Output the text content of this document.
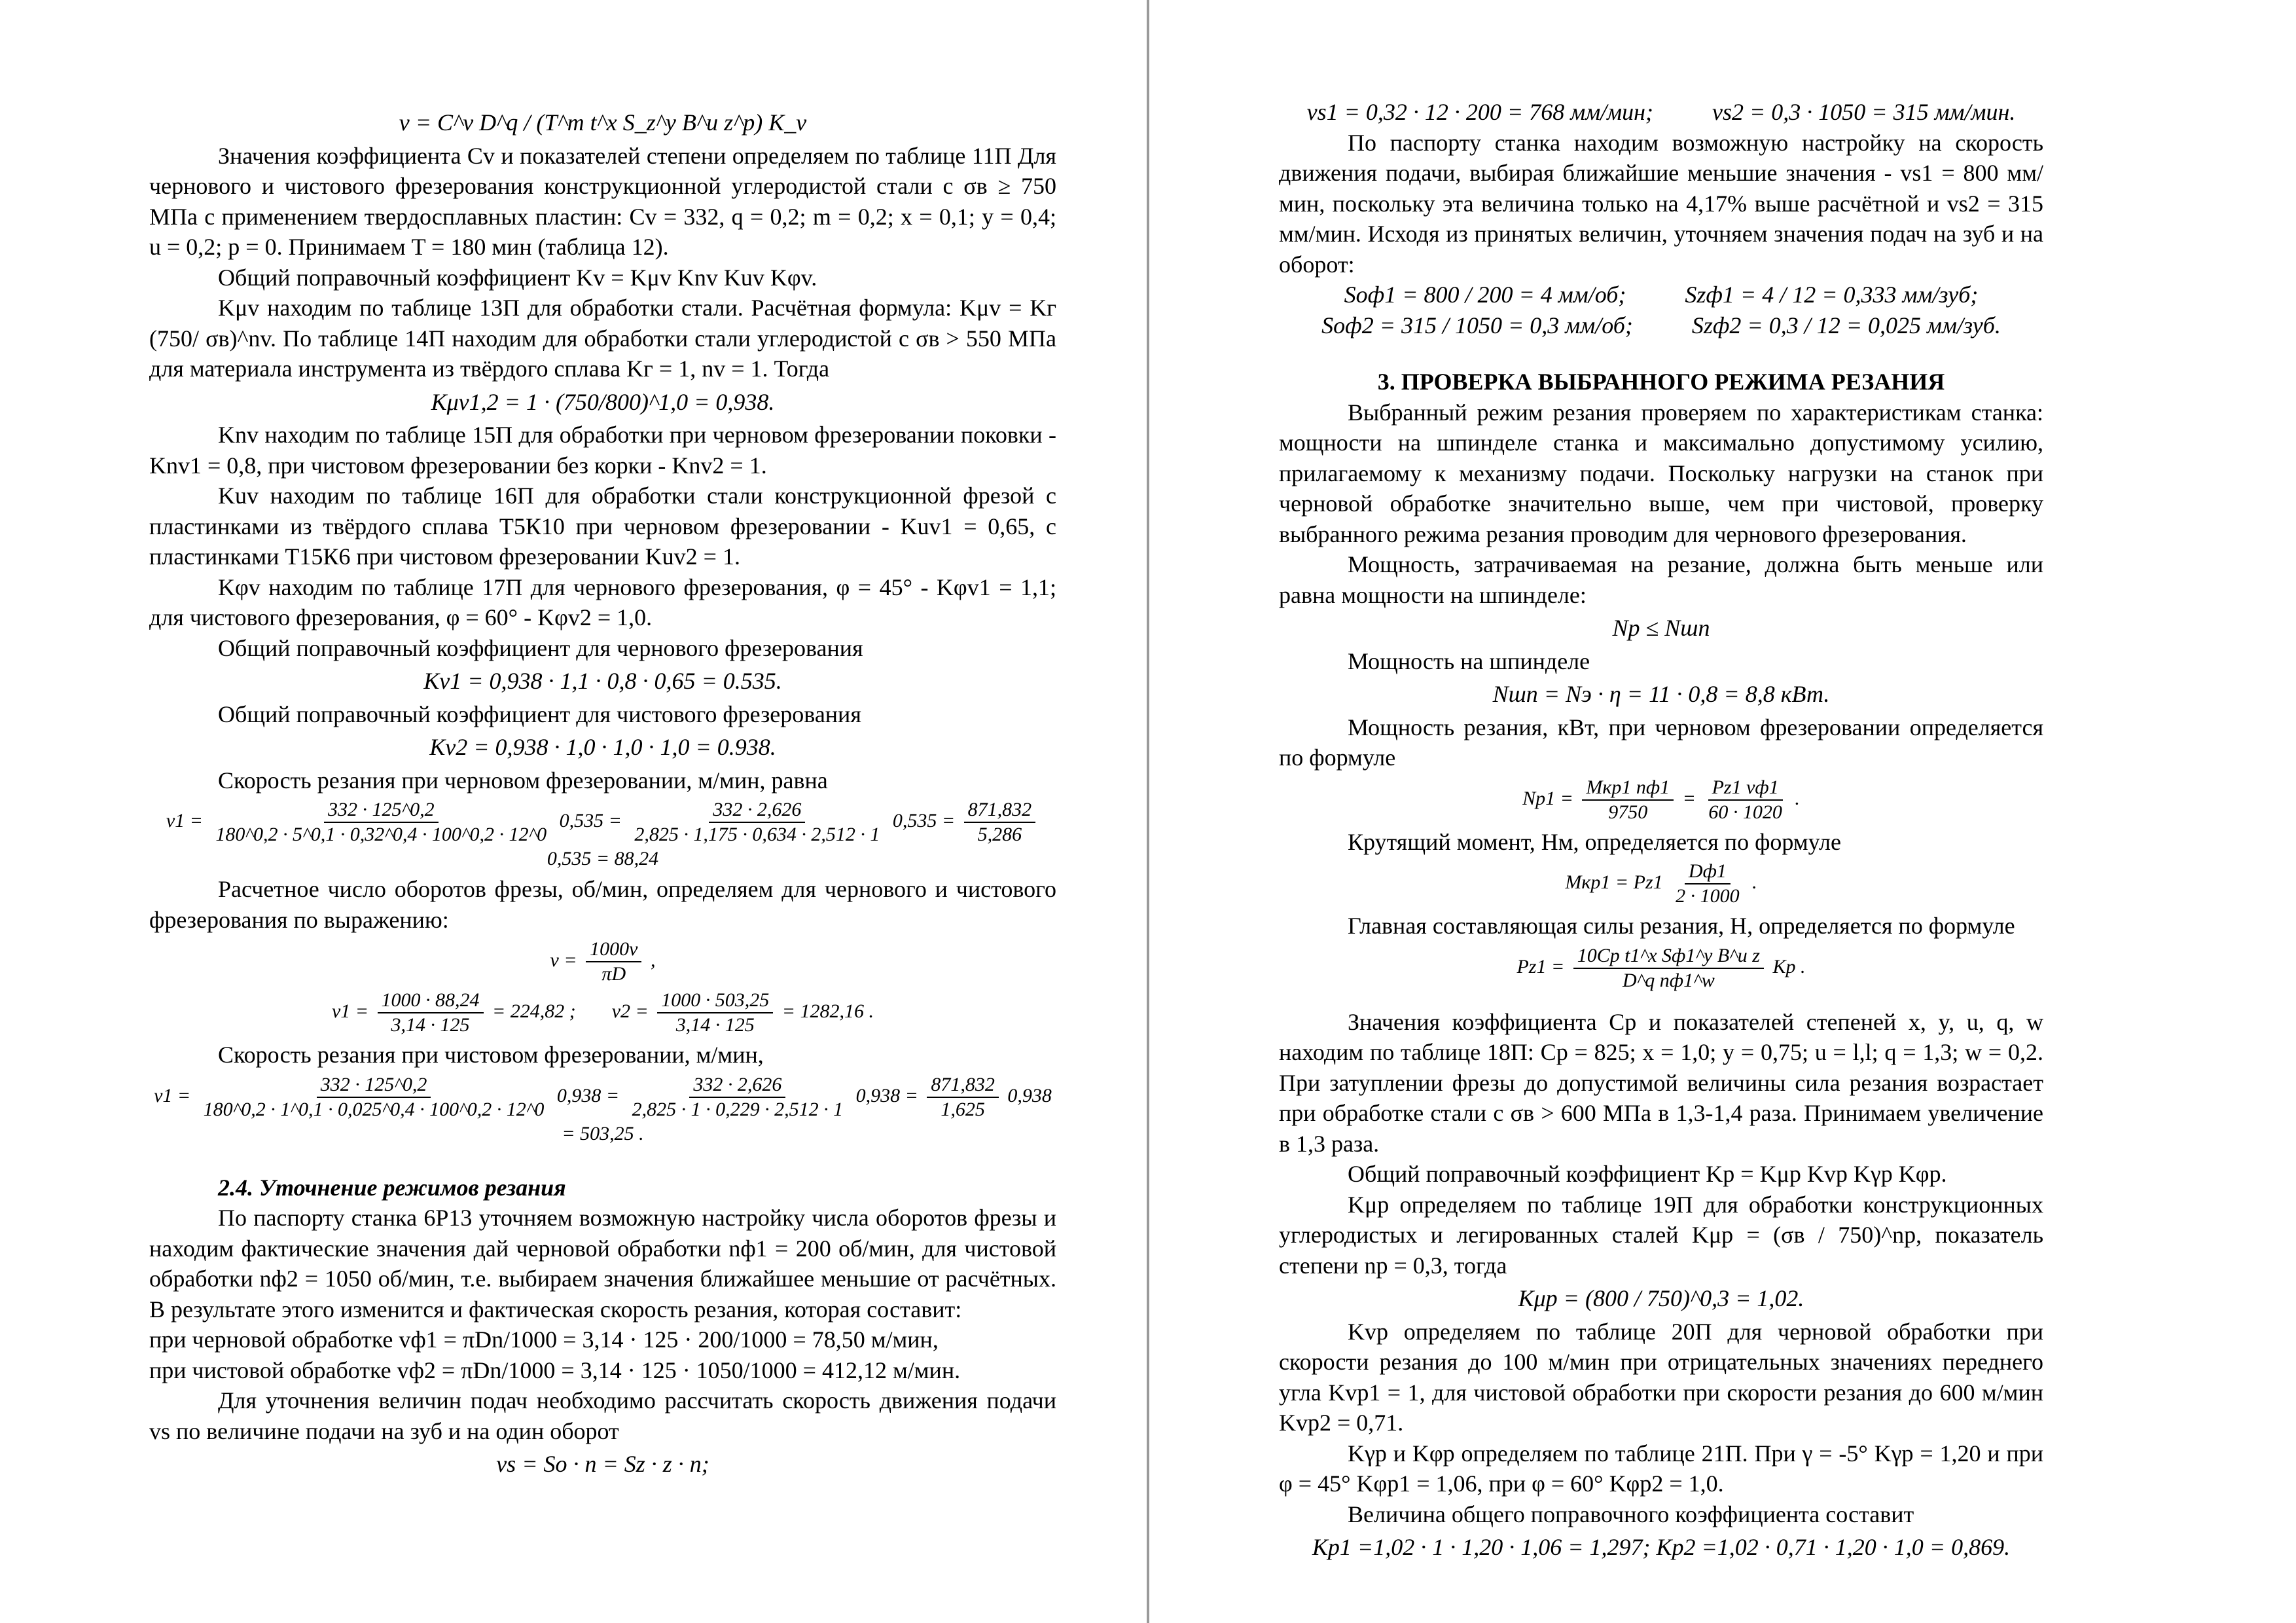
v = C^v D^q / (T^m t^x S_z^y B^u z^p) K_v

Значения коэффициента Cv и показателей степени определяем по таблице 11П Для чернового и чистового фрезерования конструкционной углеродистой стали с σв ≥ 750 МПа с применением твердосплавных пластин: Cv = 332, q = 0,2; m = 0,2; x = 0,1; y = 0,4; u = 0,2; p = 0. Принимаем T = 180 мин (таблица 12).

Общий поправочный коэффициент Kv = Kμv Knv Kuv Kφv.

Kμv находим по таблице 13П для обработки стали. Расчётная формула: Kμv = Kг (750/ σв)^nv. По таблице 14П находим для обработки стали углеродистой с σв > 550 МПа для материала инструмента из твёрдого сплава Kг = 1, nv = 1. Тогда

Kμv1,2 = 1 · (750/800)^1,0 = 0,938.

Knv находим по таблице 15П для обработки при черновом фрезеровании поковки - Knv1 = 0,8, при чистовом фрезеровании без корки - Knv2 = 1.

Kuv находим по таблице 16П для обработки стали конструкционной фрезой с пластинками из твёрдого сплава Т5К10 при черновом фрезеровании - Kuv1 = 0,65, с пластинками Т15К6 при чистовом фрезеровании Kuv2 = 1.

Kφv находим по таблице 17П для чернового фрезерования, φ = 45° - Kφv1 = 1,1; для чистового фрезерования, φ = 60° - Kφv2 = 1,0.

Общий поправочный коэффициент для чернового фрезерования

Kv1 = 0,938 · 1,1 · 0,8 · 0,65 = 0.535.

Общий поправочный коэффициент для чистового фрезерования

Kv2 = 0,938 · 1,0 · 1,0 · 1,0 = 0.938.

Скорость резания при черновом фрезеровании, м/мин, равна

$v1 = \frac{332 \cdot 125\^{}0,2}{180\^{}0,2 \cdot 5\^{}0,1 \cdot 0,32\^{}0,4 \cdot 100\^{}0,2 \cdot 12\^{}0} 0,535 = \frac{332 \cdot 2,626}{2,825 \cdot 1,175 \cdot 0,634 \cdot 2,512 \cdot 1} 0,535 = \frac{871,832}{5,286}$
0,535 = 88,24

Расчетное число оборотов фрезы, об/мин, определяем для чернового и чистового фрезерования по выражению:

$v = \frac{1000v}{\pi D}$ ,
$v1 = \frac{1000 \cdot 88,24}{3,14 \cdot 125} = 224,82$ ; $v2 = \frac{1000 \cdot 503,25}{3,14 \cdot 125} = 1282,16$ .

Скорость резания при чистовом фрезеровании, м/мин,

$v1 = \frac{332 \cdot 125\^{}0,2}{180\^{}0,2 \cdot 1\^{}0,1 \cdot 0,025\^{}0,4 \cdot 100\^{}0,2 \cdot 12\^{}0} 0,938 = \frac{332 \cdot 2,626}{2,825 \cdot 1 \cdot 0,229 \cdot 2,512 \cdot 1} 0,938 = \frac{871,832}{1,625} 0,938 = 503,25$ .

2.4. Уточнение режимов резания

По паспорту станка 6Р13 уточняем возможную настройку числа оборотов фрезы и находим фактические значения дай черновой обработки nф1 = 200 об/мин, для чистовой обработки nф2 = 1050 об/мин, т.е. выбираем значения ближайшее меньшие от расчётных. В результате этого изменится и фактическая скорость резания, которая составит:

при черновой обработке vф1 = πDn/1000 = 3,14 · 125 · 200/1000 = 78,50 м/мин,

при чистовой обработке vф2 = πDn/1000 = 3,14 · 125 · 1050/1000 = 412,12 м/мин.

Для уточнения величин подач необходимо рассчитать скорость движения подачи vs по величине подачи на зуб и на один оборот

vs = So · n = Sz · z · n;

vs1 = 0,32 · 12 · 200 = 768 мм/мин;	vs2 = 0,3 · 1050 = 315 мм/мин.

По паспорту станка находим возможную настройку на скорость движения подачи, выбирая ближайшие меньшие значения - vs1 = 800 мм/мин, поскольку эта величина только на 4,17% выше расчётной и vs2 = 315 мм/мин. Исходя из принятых величин, уточняем значения подач на зуб и на оборот:

Sоф1 = 800 / 200 = 4 мм/об;	Szф1 = 4 / 12 = 0,333 мм/зуб;
Sоф2 = 315 / 1050 = 0,3 мм/об;	Szф2 = 0,3 / 12 = 0,025 мм/зуб.

3. ПРОВЕРКА ВЫБРАННОГО РЕЖИМА РЕЗАНИЯ

Выбранный режим резания проверяем по характеристикам станка: мощности на шпинделе станка и максимально допустимому усилию, прилагаемому к механизму подачи. Поскольку нагрузки на станок при черновой обработке значительно выше, чем при чистовой, проверку выбранного режима резания проводим для чернового фрезерования.

Мощность, затрачиваемая на резание, должна быть меньше или равна мощности на шпинделе:

Np ≤ Nшп

Мощность на шпинделе

Nшп = Nэ · η = 11 · 0,8 = 8,8 кВт.

Мощность резания, кВт, при черновом фрезеровании определяется по формуле

$Np1 = \frac{\text{Mкр1 nф1}}{9750} = \frac{Pz1 vф1}{60 \cdot 1020}$ .

Крутящий момент, Нм, определяется по формуле

$Mкр1 = Pz1 \frac{Dф1}{2 \cdot 1000}$ .

Главная составляющая силы резания, Н, определяется по формуле

$Pz1 = \frac{\text{10Cp t1\textasciicircum{}x Sф1\textasciicircum{}y B\textasciicircum{}u z}}{\text{D\textasciicircum{}q nф1\textasciicircum{}w}}$ Kp .

Значения коэффициента Cp и показателей степеней x, y, u, q, w находим по таблице 18П: Cp = 825; x = 1,0; y = 0,75; u = l,l; q = 1,3; w = 0,2. При затуплении фрезы до допустимой величины сила резания возрастает при обработке стали с σв > 600 МПа в 1,3-1,4 раза. Принимаем увеличение в 1,3 раза.

Общий поправочный коэффициент Kp = Kμp Kvp Kγp Kφp.

Kμp определяем по таблице 19П для обработки конструкционных углеродистых и легированных сталей Kμp = (σв / 750)^np, показатель степени np = 0,3, тогда

Kμp = (800 / 750)^0,3 = 1,02.

Kvp определяем по таблице 20П для черновой обработки при скорости резания до 100 м/мин при отрицательных значениях переднего угла Kvp1 = 1, для чистовой обработки при скорости резания до 600 м/мин Kvp2 = 0,71.

Kγp и Kφp определяем по таблице 21П. При γ = -5° Kγp = 1,20 и при φ = 45° Kφp1 = 1,06, при φ = 60° Kφp2 = 1,0.

Величина общего поправочного коэффициента составит

Kp1 =1,02 · 1 · 1,20 · 1,06 = 1,297; Kp2 =1,02 · 0,71 · 1,20 · 1,0 = 0,869.
